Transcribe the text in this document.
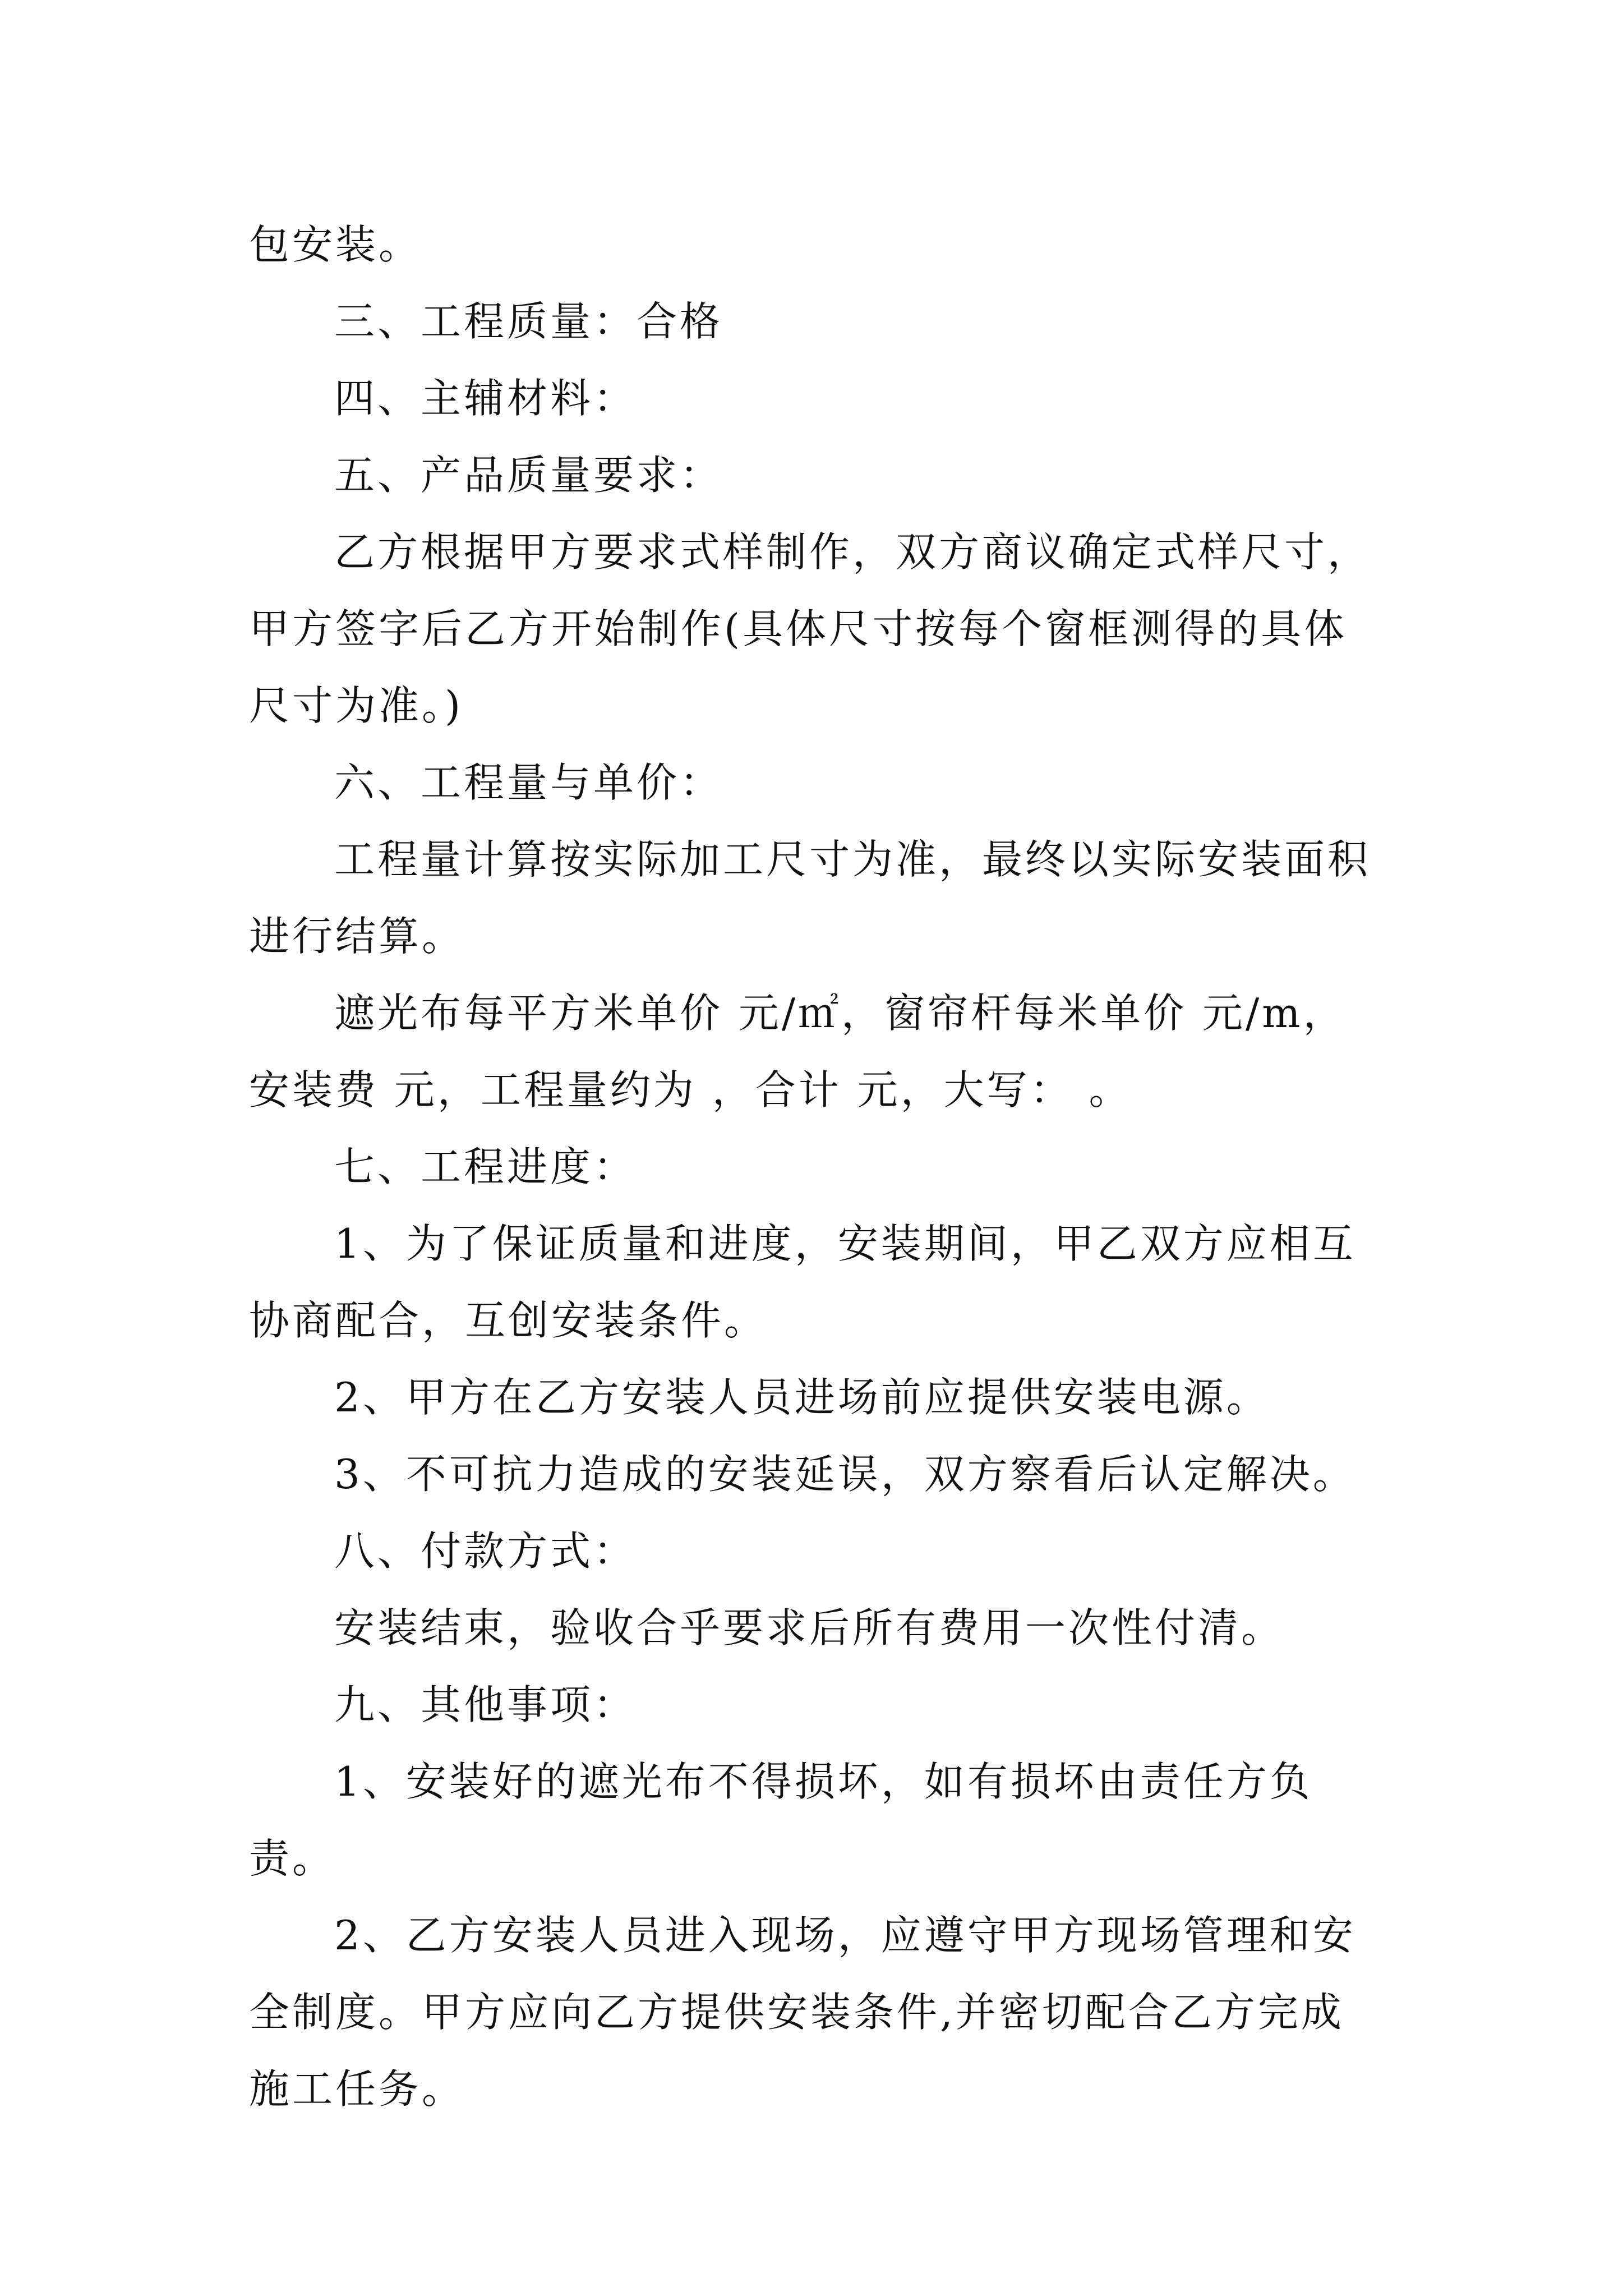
包安装。

三、工程质量：合格

四、主辅材料：

五、产品质量要求：

乙方根据甲方要求式样制作，双方商议确定式样尺寸，甲方签字后乙方开始制作(具体尺寸按每个窗框测得的具体尺寸为准。)

六、工程量与单价：

工程量计算按实际加工尺寸为准，最终以实际安装面积进行结算。

遮光布每平方米单价 元/㎡，窗帘杆每米单价 元/m，安装费 元，工程量约为 ，合计 元，大写： 。

七、工程进度：

1、为了保证质量和进度，安装期间，甲乙双方应相互协商配合，互创安装条件。

2、甲方在乙方安装人员进场前应提供安装电源。

3、不可抗力造成的安装延误，双方察看后认定解决。

八、付款方式：

安装结束，验收合乎要求后所有费用一次性付清。

九、其他事项：

1、安装好的遮光布不得损坏，如有损坏由责任方负责。

2、乙方安装人员进入现场，应遵守甲方现场管理和安全制度。甲方应向乙方提供安装条件,并密切配合乙方完成施工任务。
